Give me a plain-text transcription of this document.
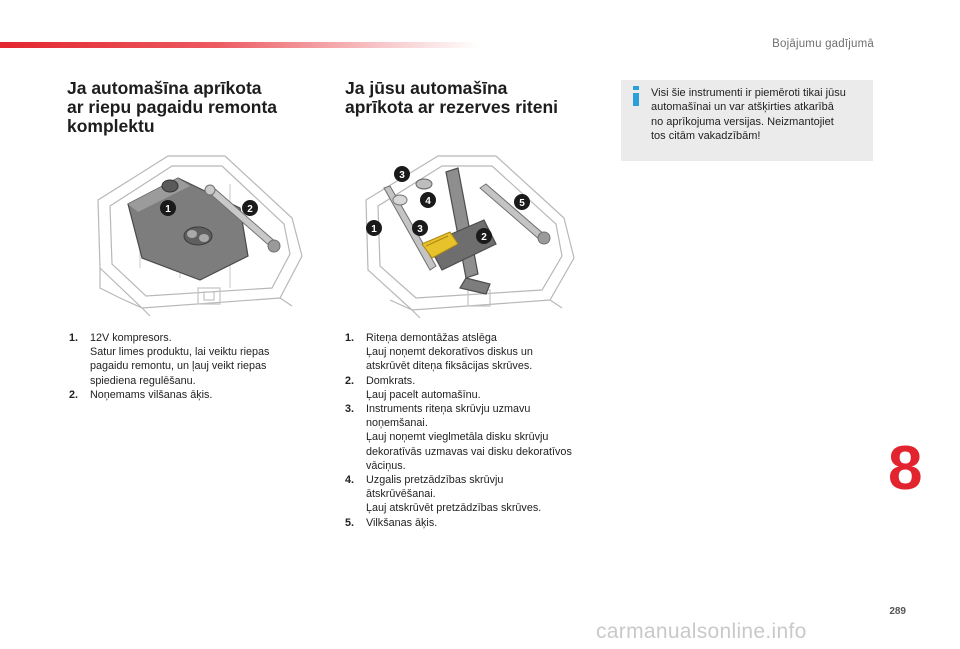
Bojājumu gadījumā
Ja automašīna aprīkota
ar riepu pagaidu remonta
komplektu
1	2
1. 12V kompresors.
Satur limes produktu, lai veiktu riepas
pagaidu remontu, un ļauj veikt riepas
spiediena regulēšanu.
2. Noņemams vilšanas āķis.
Ja jūsu automašīna
aprīkota ar rezerves riteni
3
4
1	3
2
5
1. Riteņa demontāžas atslēga
Ļauj noņemt dekoratīvos diskus un
atskrūvēt diteņa fiksācijas skrūves.
2. Domkrats.
Ļauj pacelt automašīnu.
3. Instruments riteņa skrūvju uzmavu
noņemšanai.
Ļauj noņemt vieglmetāla disku skrūvju
dekoratīvās uzmavas vai disku dekoratīvos
vāciņus.
4. Uzgalis pretzādzības skrūvju
ātskrūvēšanai.
Ļauj atskrūvēt pretzādzības skrūves.
5. Vilkšanas āķis.
Visi šie instrumenti ir piemēroti tikai jūsu
automašīnai un var atšķirties atkarībā
no aprīkojuma versijas. Neizmantojiet
tos citām vakadzībām!
8
289
carmanualsonline.info
